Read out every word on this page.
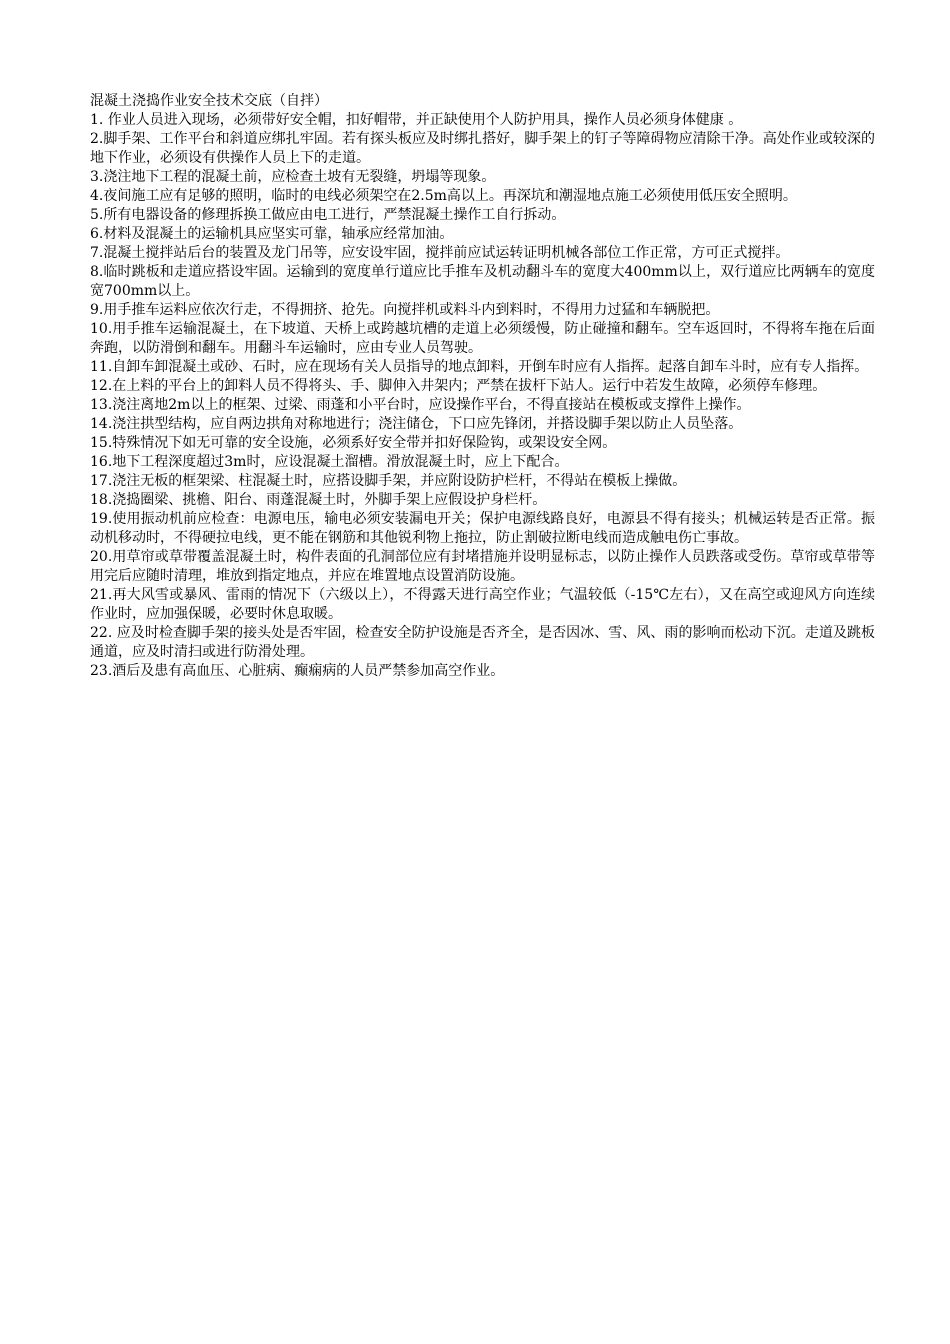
混凝土浇捣作业安全技术交底（自拌）

1. 作业人员进入现场，必须带好安全帽，扣好帽带，并正缺使用个人防护用具，操作人员必须身体健康 。
2.脚手架、工作平台和斜道应绑扎牢固。若有探头板应及时绑扎搭好，脚手架上的钉子等障碍物应清除干净。高处作业或较深的地下作业，必须设有供操作人员上下的走道。
3.浇注地下工程的混凝土前，应检查土坡有无裂缝，坍塌等现象。
4.夜间施工应有足够的照明，临时的电线必须架空在2.5m高以上。再深坑和潮湿地点施工必须使用低压安全照明。
5.所有电器设备的修理拆换工做应由电工进行，严禁混凝土操作工自行拆动。
6.材料及混凝土的运输机具应坚实可靠，轴承应经常加油。
7.混凝土搅拌站后台的装置及龙门吊等，应安设牢固，搅拌前应试运转证明机械各部位工作正常，方可正式搅拌。
8.临时跳板和走道应搭设牢固。运输到的宽度单行道应比手推车及机动翻斗车的宽度大400mm以上，双行道应比两辆车的宽度宽700mm以上。
9.用手推车运料应依次行走，不得拥挤、抢先。向搅拌机或料斗内到料时，不得用力过猛和车辆脱把。
10.用手推车运输混凝土，在下坡道、天桥上或跨越坑槽的走道上必须缓慢，防止碰撞和翻车。空车返回时，不得将车拖在后面奔跑，以防滑倒和翻车。用翻斗车运输时，应由专业人员驾驶。
11.自卸车卸混凝土或砂、石时，应在现场有关人员指导的地点卸料，开倒车时应有人指挥。起落自卸车斗时，应有专人指挥。
12.在上料的平台上的卸料人员不得将头、手、脚伸入井架内；严禁在拔杆下站人。运行中若发生故障，必须停车修理。
13.浇注离地2m以上的框架、过梁、雨蓬和小平台时，应设操作平台，不得直接站在模板或支撑件上操作。
14.浇注拱型结构，应自两边拱角对称地进行；浇注储仓，下口应先锋闭，并搭设脚手架以防止人员坠落。
15.特殊情况下如无可靠的安全设施，必须系好安全带并扣好保险钩，或架设安全网。
16.地下工程深度超过3m时，应设混凝土溜槽。滑放混凝土时，应上下配合。
17.浇注无板的框架梁、柱混凝土时，应搭设脚手架，并应附设防护栏杆，不得站在模板上操做。
18.浇捣圈梁、挑檐、阳台、雨蓬混凝土时，外脚手架上应假设护身栏杆。
19.使用振动机前应检查：电源电压，输电必须安装漏电开关；保护电源线路良好，电源县不得有接头；机械运转是否正常。振动机移动时，不得硬拉电线，更不能在钢筋和其他锐利物上拖拉，防止割破拉断电线而造成触电伤亡事故。
20.用草帘或草带覆盖混凝土时，构件表面的孔洞部位应有封堵措施并设明显标志，以防止操作人员跌落或受伤。草帘或草带等用完后应随时清理，堆放到指定地点，并应在堆置地点设置消防设施。
21.再大风雪或暴风、雷雨的情况下（六级以上），不得露天进行高空作业；气温较低（-15℃左右），又在高空或迎风方向连续作业时，应加强保暖，必要时休息取暖。
22. 应及时检查脚手架的接头处是否牢固，检查安全防护设施是否齐全，是否因冰、雪、风、雨的影响而松动下沉。走道及跳板通道，应及时清扫或进行防滑处理。
23.酒后及患有高血压、心脏病、癫痫病的人员严禁参加高空作业。
